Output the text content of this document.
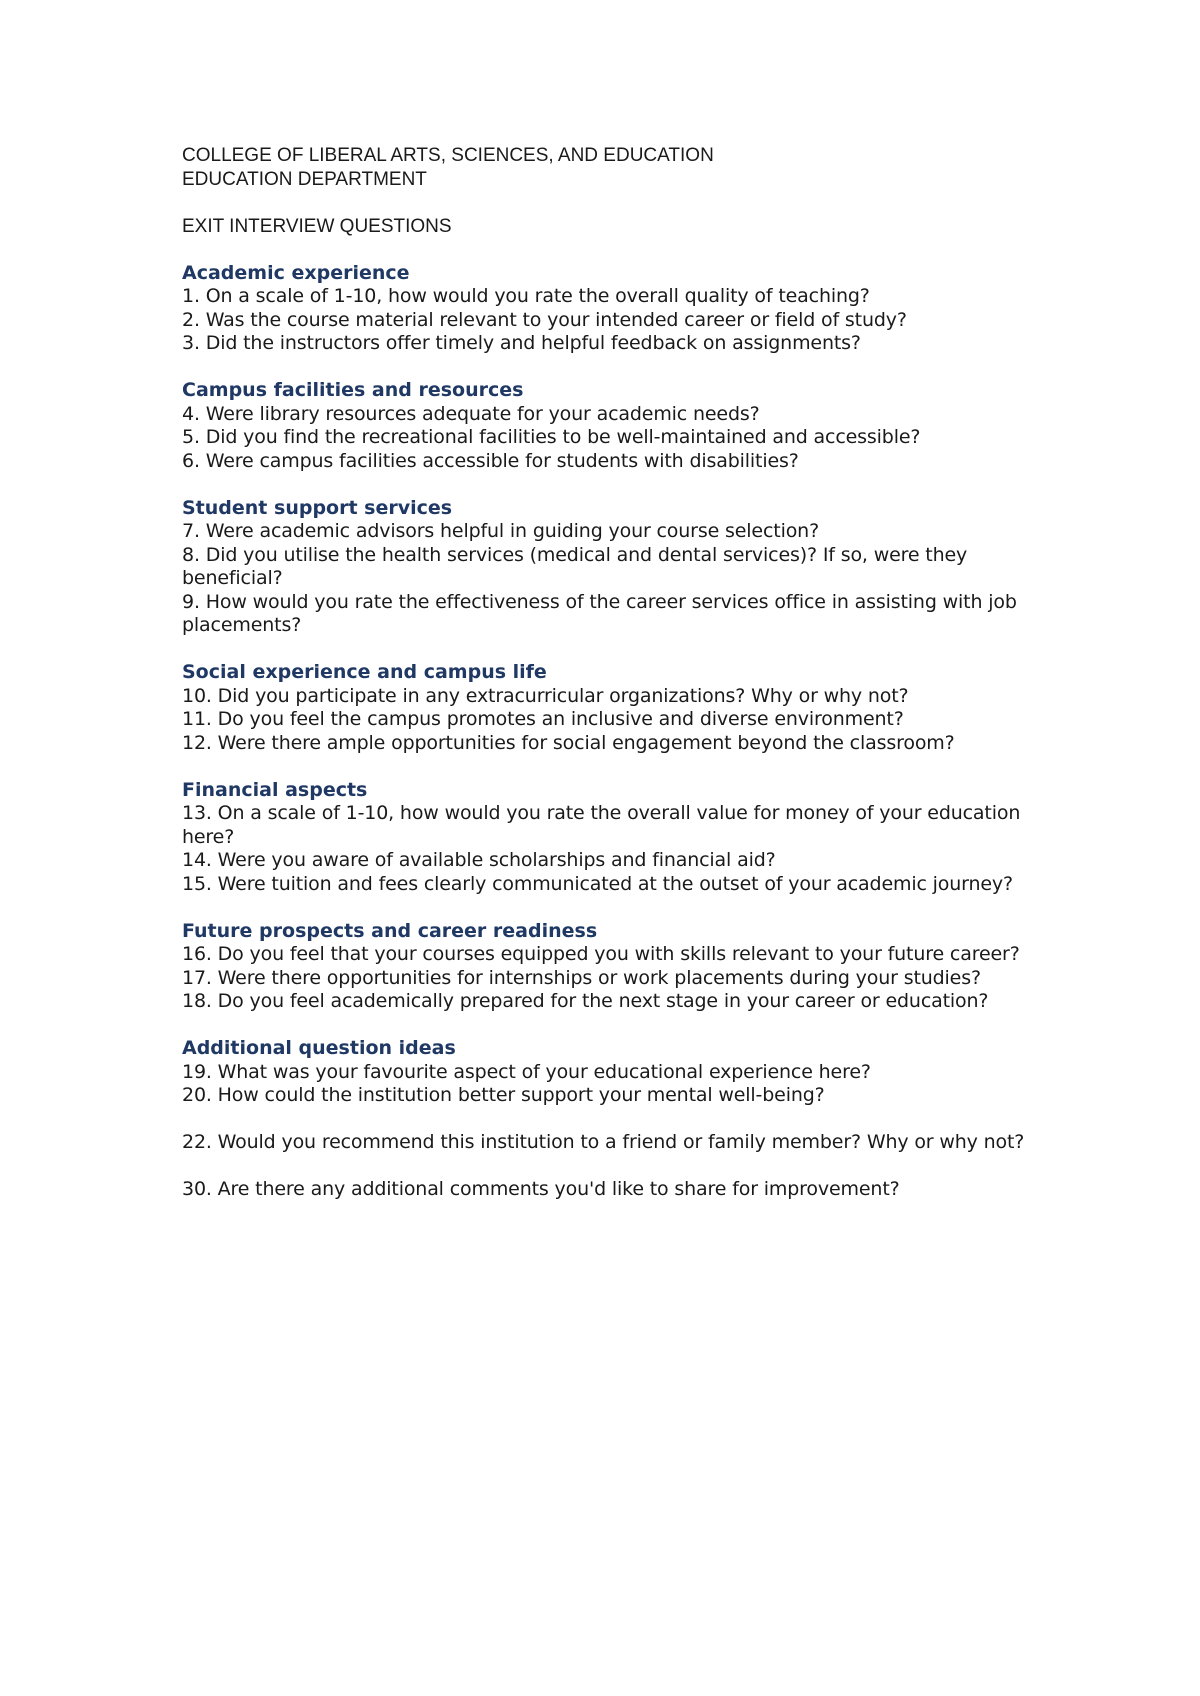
COLLEGE OF LIBERAL ARTS, SCIENCES, AND EDUCATION
EDUCATION DEPARTMENT
EXIT INTERVIEW QUESTIONS
Academic experience
1. On a scale of 1-10, how would you rate the overall quality of teaching?
2. Was the course material relevant to your intended career or field of study?
3. Did the instructors offer timely and helpful feedback on assignments?
Campus facilities and resources
4. Were library resources adequate for your academic needs?
5. Did you find the recreational facilities to be well-maintained and accessible?
6. Were campus facilities accessible for students with disabilities?
Student support services
7. Were academic advisors helpful in guiding your course selection?
8. Did you utilise the health services (medical and dental services)? If so, were they beneficial?
9. How would you rate the effectiveness of the career services office in assisting with job placements?
Social experience and campus life
10. Did you participate in any extracurricular organizations? Why or why not?
11. Do you feel the campus promotes an inclusive and diverse environment?
12. Were there ample opportunities for social engagement beyond the classroom?
Financial aspects
13. On a scale of 1-10, how would you rate the overall value for money of your education here?
14. Were you aware of available scholarships and financial aid?
15. Were tuition and fees clearly communicated at the outset of your academic journey?
Future prospects and career readiness
16. Do you feel that your courses equipped you with skills relevant to your future career?
17. Were there opportunities for internships or work placements during your studies?
18. Do you feel academically prepared for the next stage in your career or education?
Additional question ideas
19. What was your favourite aspect of your educational experience here?
20. How could the institution better support your mental well-being?
22. Would you recommend this institution to a friend or family member? Why or why not?
30. Are there any additional comments you'd like to share for improvement?
